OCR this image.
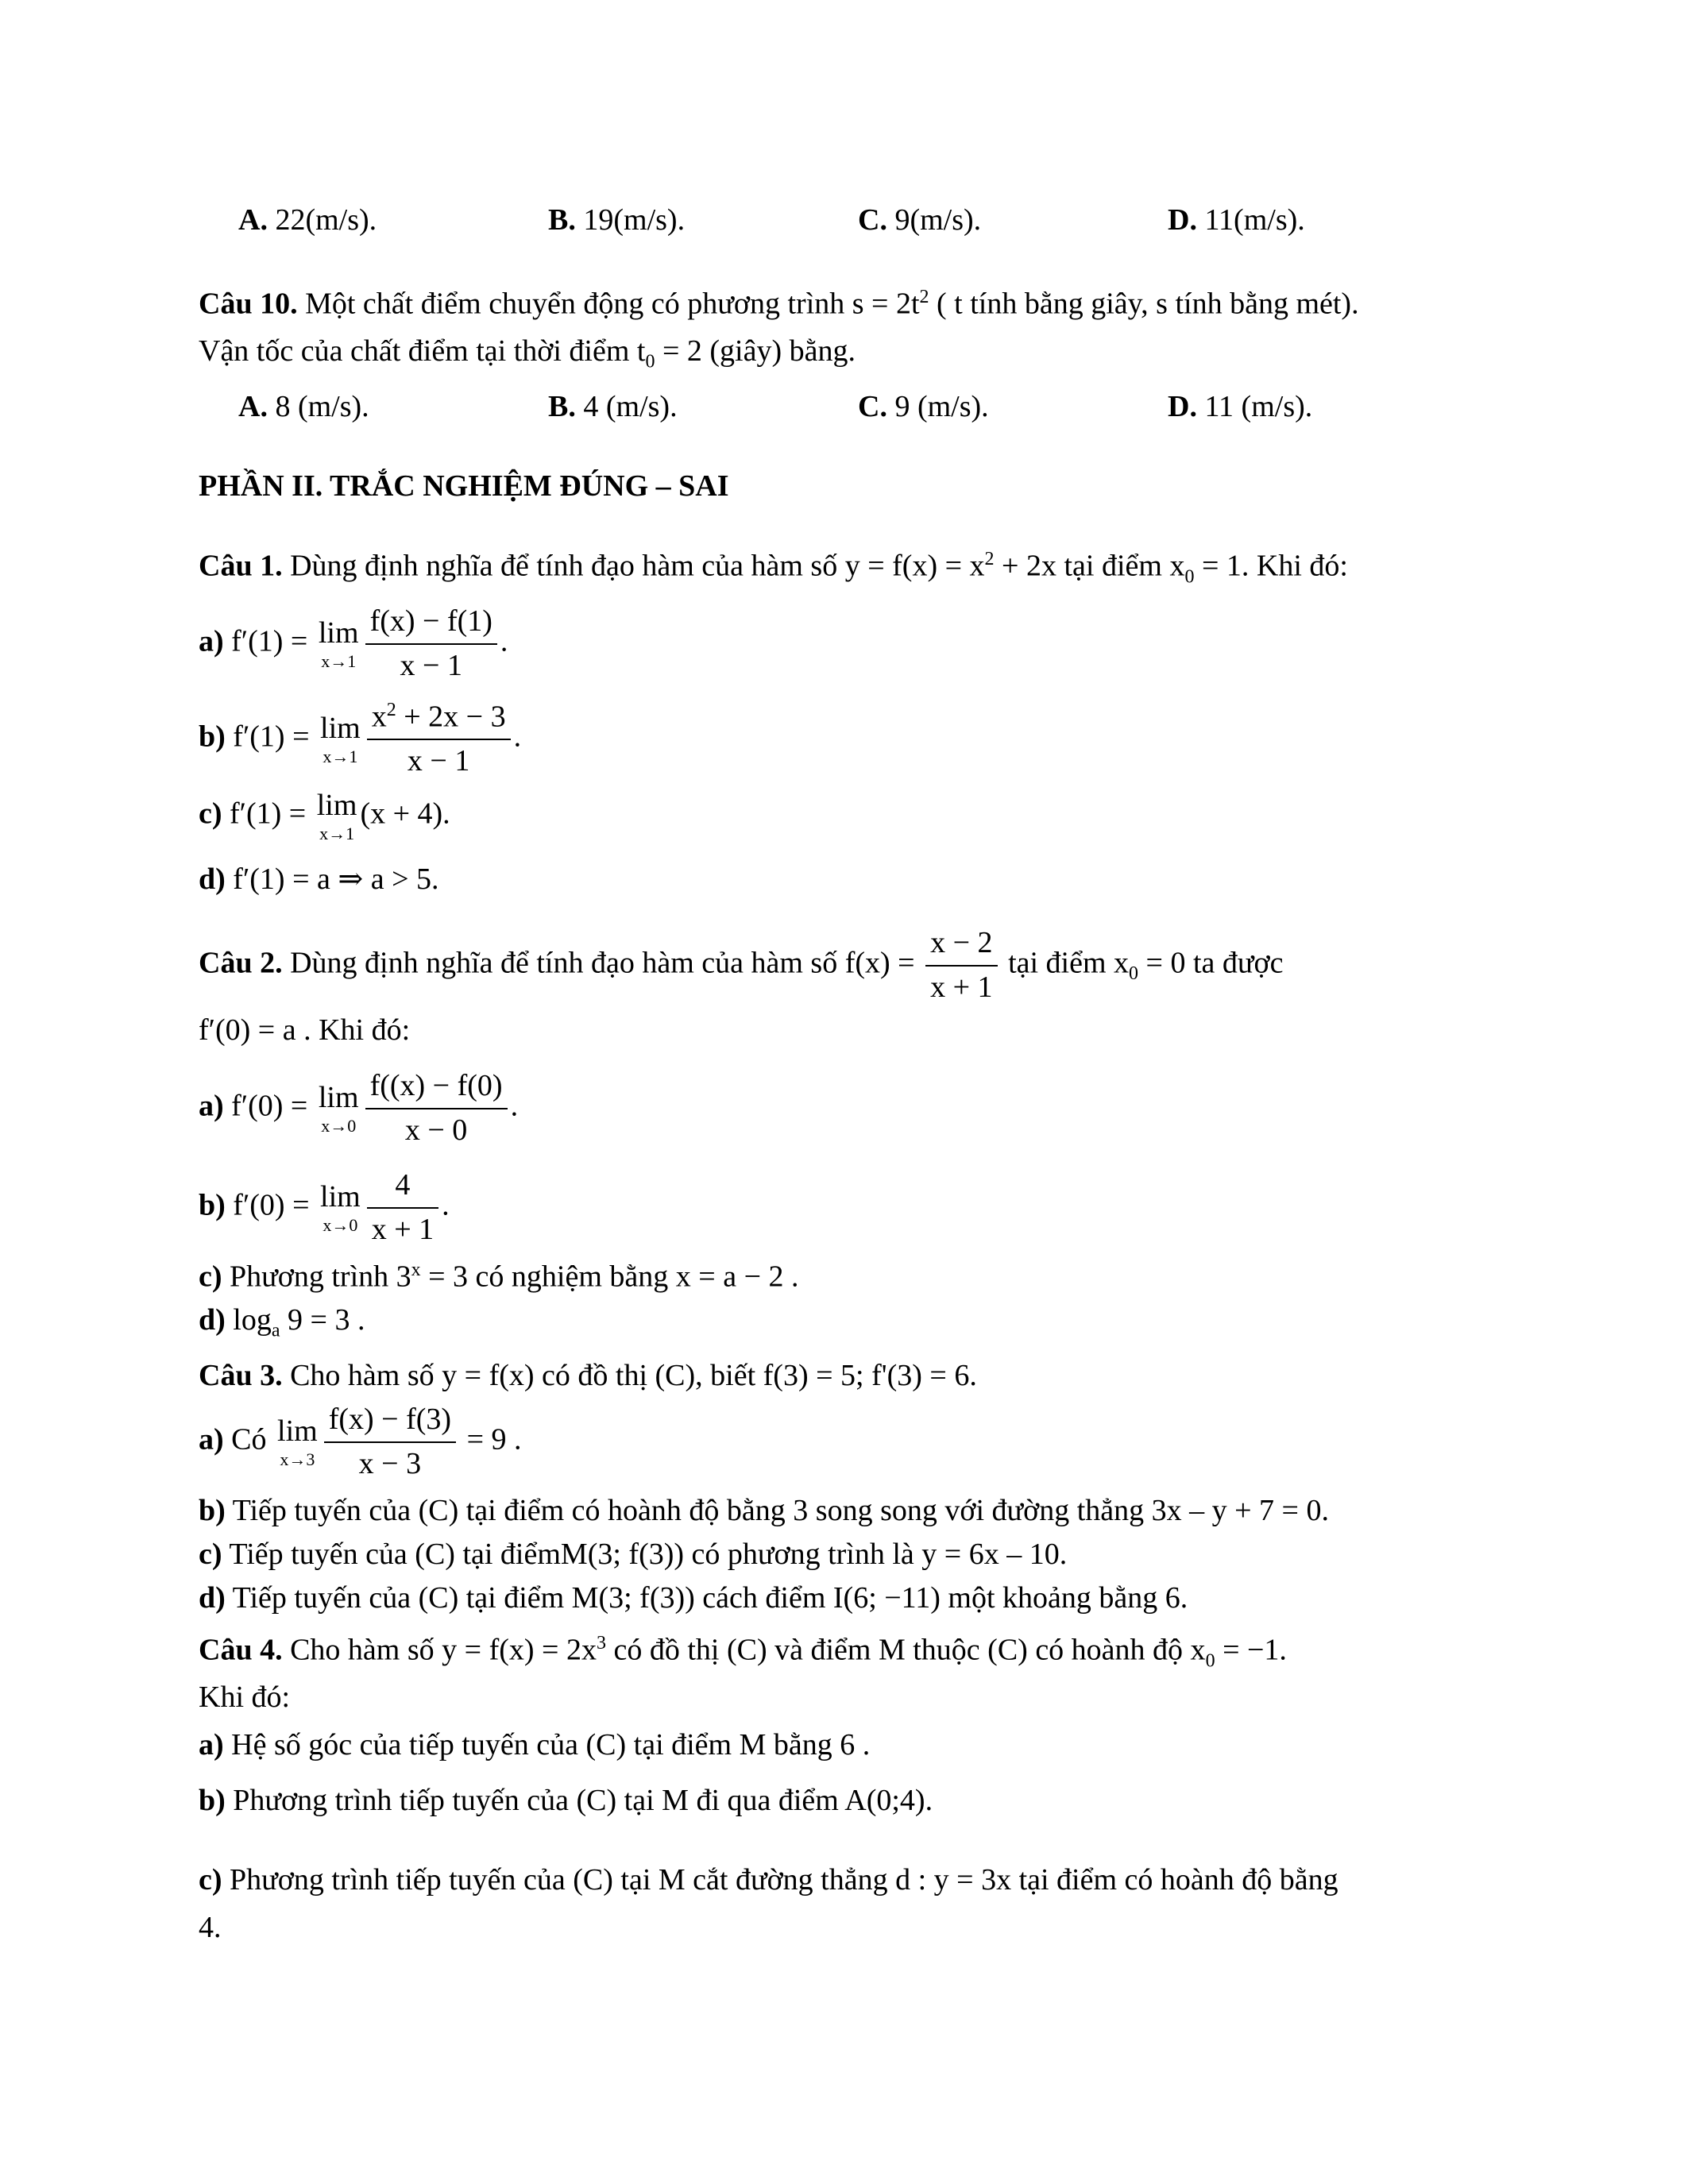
A. 22(m/s).	B. 19(m/s).	C. 9(m/s).	D. 11(m/s).
Câu 10. Một chất điểm chuyển động có phương trình $s = 2t^2$ ( t tính bằng giây, s tính bằng mét).
Vận tốc của chất điểm tại thời điểm $t_0 = 2$ (giây) bằng.
A. 8 (m/s).	B. 4 (m/s).	C. 9 (m/s).	D. 11 (m/s).
PHẦN II. TRẮC NGHIỆM ĐÚNG – SAI
Câu 1. Dùng định nghĩa để tính đạo hàm của hàm số $y = f(x) = x^2 + 2x$ tại điểm $x_0 = 1$. Khi đó:
a) f′(1) = lim
$x\to 1 \frac{f(x) - f(1)}{x - 1}$ .
b) f′(1) = lim
$x\to 1 \frac{x^2 + 2x - 3}{x - 1}$ .
c) f′(1) = lim
x→1
(x + 4).
d) f′(1) = a ⇒ a > 5.
Câu 2. Dùng định nghĩa để tính đạo hàm của hàm số $f(x) = \frac{x - 2}{x + 1}$ tại điểm $x_0 = 0$ ta được
f′(0) = a . Khi đó:
a) f′(0) = lim
$x\to 0 \frac{f((x) - f(0)}{x - 0}$ .
b) f′(0) = lim
$x\to 0 \frac{4}{x + 1}$ .
c) Phương trình $3^x = 3$ có nghiệm bằng x = a − 2 .
d) $\log_a 9 = 3$ .
Câu 3. Cho hàm số y = f(x) có đồ thị (C), biết f(3) = 5; f'(3) = 6.
a) Có lim
$x\to 3 \frac{f(x) - f(3)}{x - 3} = 9$ .
b) Tiếp tuyến của (C) tại điểm có hoành độ bằng 3 song song với đường thẳng 3x – y + 7 = 0.
c) Tiếp tuyến của (C) tại điểmM(3; f(3)) có phương trình là y = 6x – 10.
d) Tiếp tuyến của (C) tại điểm M(3; f(3)) cách điểm I(6; −11) một khoảng bằng 6.
Câu 4. Cho hàm số $y = f(x) = 2x^3$ có đồ thị (C) và điểm M thuộc (C) có hoành độ $x_0 = -1$.
Khi đó:
a) Hệ số góc của tiếp tuyến của (C) tại điểm M bằng 6 .
b) Phương trình tiếp tuyến của (C) tại M đi qua điểm A(0;4).
c) Phương trình tiếp tuyến của (C) tại M cắt đường thẳng d : y = 3x tại điểm có hoành độ bằng
4.
